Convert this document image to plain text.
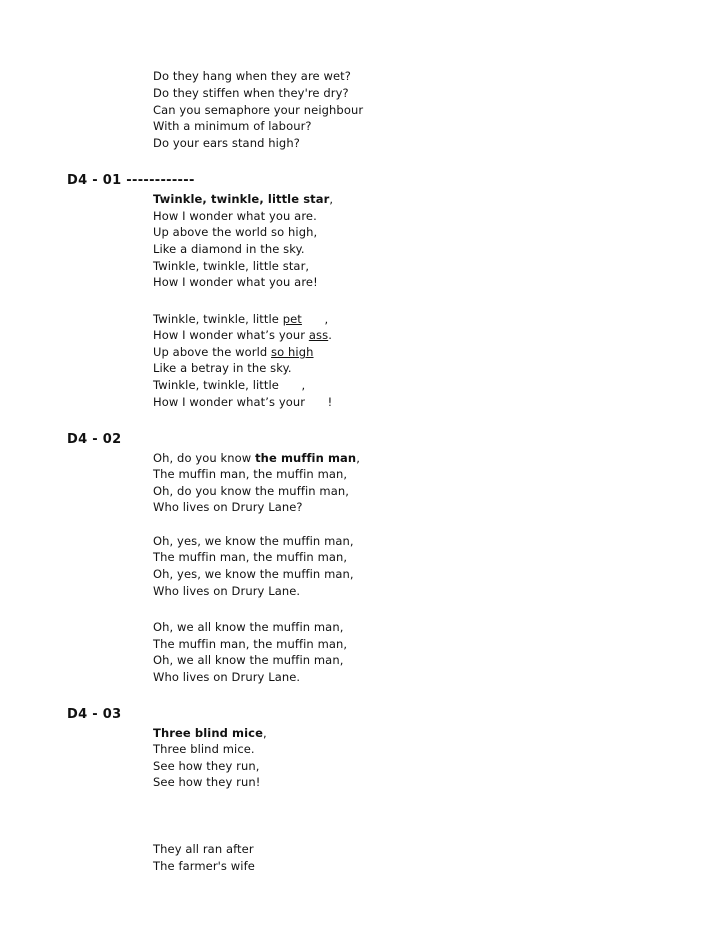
Do they hang when they are wet?
Do they stiffen when they're dry?
Can you semaphore your neighbour
With a minimum of labour?
Do your ears stand high?
D4 - 01 ------------
Twinkle, twinkle, little star,
How I wonder what you are.
Up above the world so high,
Like a diamond in the sky.
Twinkle, twinkle, little star,
How I wonder what you are!
Twinkle, twinkle, little pet      ,
How I wonder what’s your ass.
Up above the world so high
Like a betray in the sky.
Twinkle, twinkle, little      ,
How I wonder what’s your      !
D4 - 02
Oh, do you know the muffin man,
The muffin man, the muffin man,
Oh, do you know the muffin man,
Who lives on Drury Lane?
Oh, yes, we know the muffin man,
The muffin man, the muffin man,
Oh, yes, we know the muffin man,
Who lives on Drury Lane.
Oh, we all know the muffin man,
The muffin man, the muffin man,
Oh, we all know the muffin man,
Who lives on Drury Lane.
D4 - 03
Three blind mice,
Three blind mice.
See how they run,
See how they run!
They all ran after
The farmer's wife
